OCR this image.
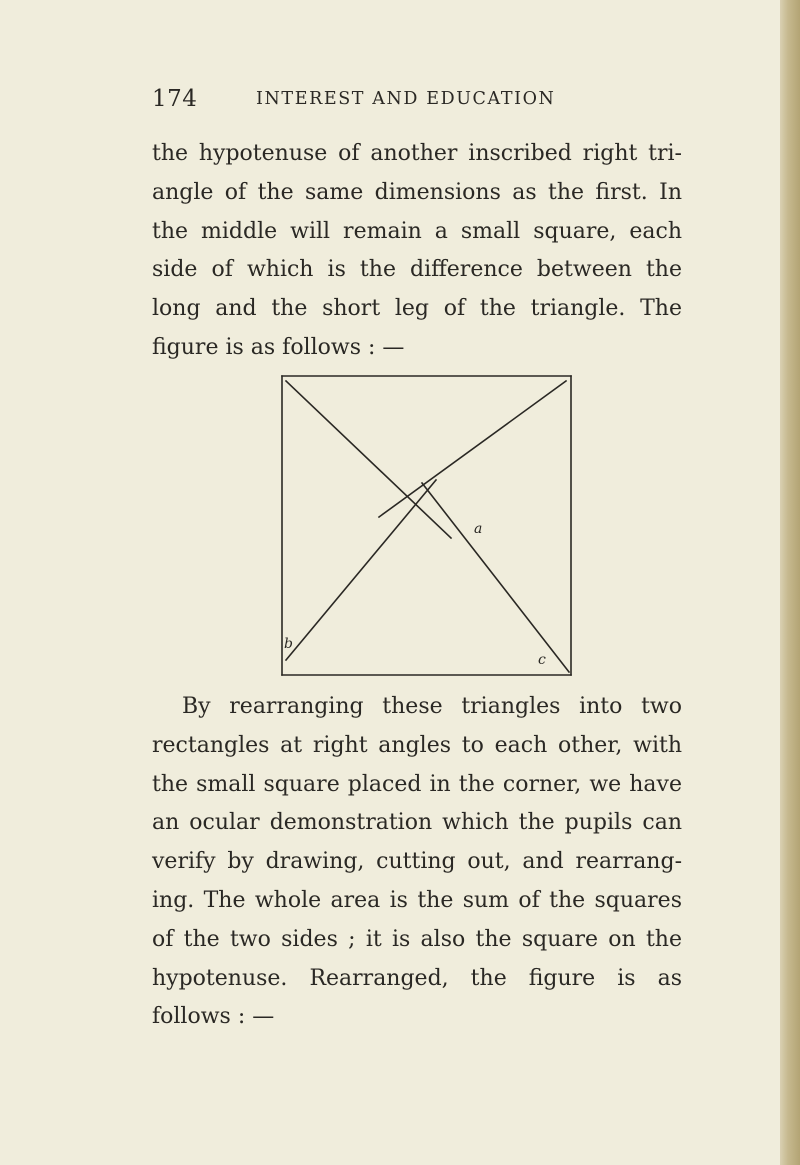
174	INTEREST AND EDUCATION

the hypotenuse of another inscribed right tri-
angle of the same dimensions as the first. In
the middle will remain a small square, each
side of which is the difference between the
long and the short leg of the triangle. The
figure is as follows : —

a
b
c

By rearranging these triangles into two
rectangles at right angles to each other, with
the small square placed in the corner, we have
an ocular demonstration which the pupils can
verify by drawing, cutting out, and rearrang-
ing. The whole area is the sum of the squares
of the two sides ; it is also the square on the
hypotenuse. Rearranged, the figure is as
follows : —
